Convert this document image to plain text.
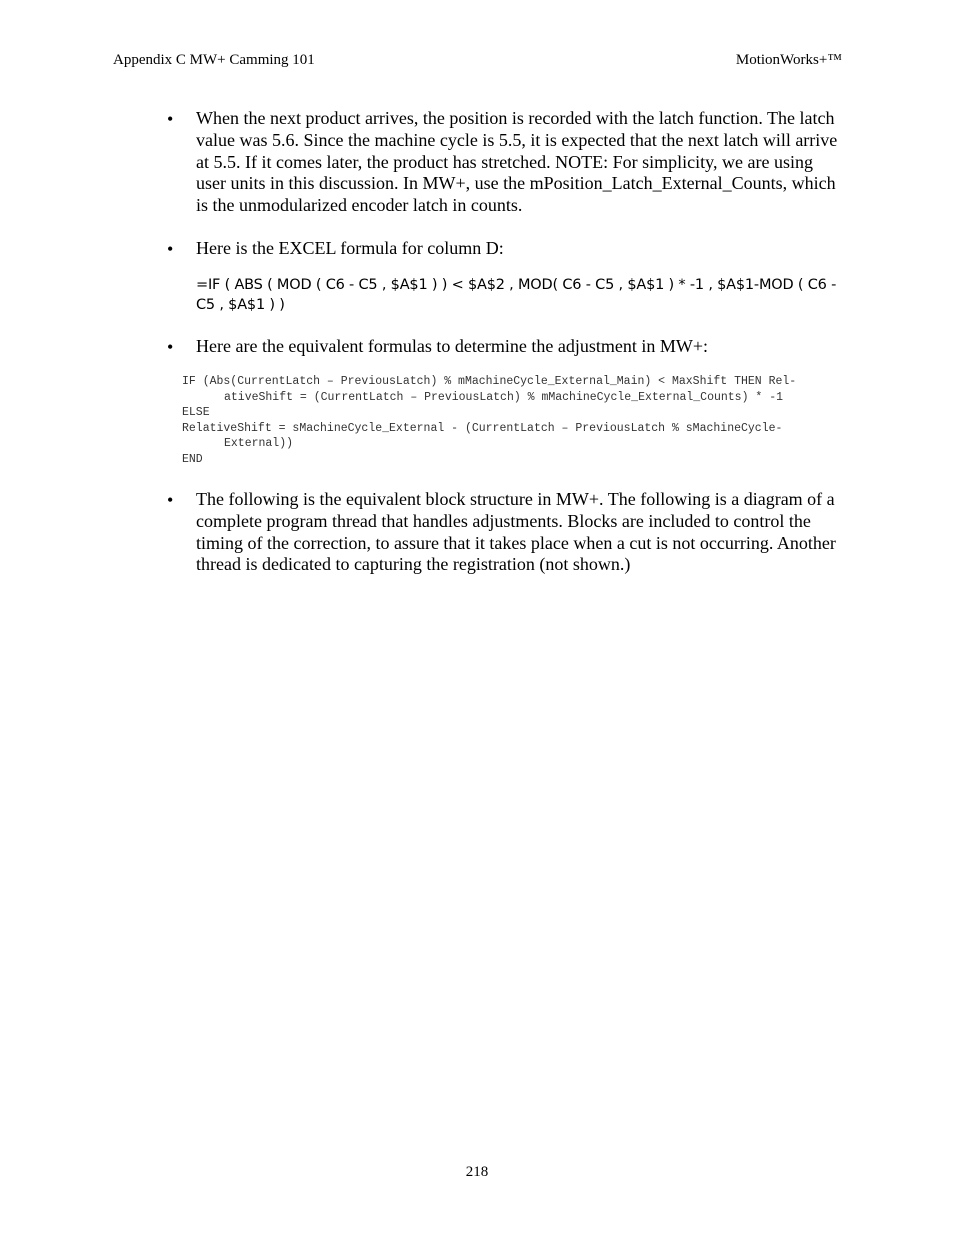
Appendix C MW+ Camming 101	MotionWorks+™
• When the next product arrives, the position is recorded with the latch function. The latch value was 5.6. Since the machine cycle is 5.5, it is expected that the next latch will arrive at 5.5. If it comes later, the product has stretched. NOTE: For simplicity, we are using user units in this discussion. In MW+, use the mPosition_Latch_External_Counts, which is the unmodularized encoder latch in counts.
• Here is the EXCEL formula for column D:
=IF ( ABS ( MOD ( C6 - C5 , $A$1 ) ) < $A$2 , MOD( C6 - C5 , $A$1 ) * -1 , $A$1-MOD ( C6 - C5 , $A$1 ) )
• Here are the equivalent formulas to determine the adjustment in MW+:
IF (Abs(CurrentLatch – PreviousLatch) % mMachineCycle_External_Main) < MaxShift THEN Rel-
ativeShift = (CurrentLatch – PreviousLatch) % mMachineCycle_External_Counts) * -1
ELSE
RelativeShift = sMachineCycle_External - (CurrentLatch – PreviousLatch % sMachineCycle-
External))
END
• The following is the equivalent block structure in MW+. The following is a diagram of a complete program thread that handles adjustments. Blocks are included to control the timing of the correction, to assure that it takes place when a cut is not occurring. Another thread is dedicated to capturing the registration (not shown.)
218
